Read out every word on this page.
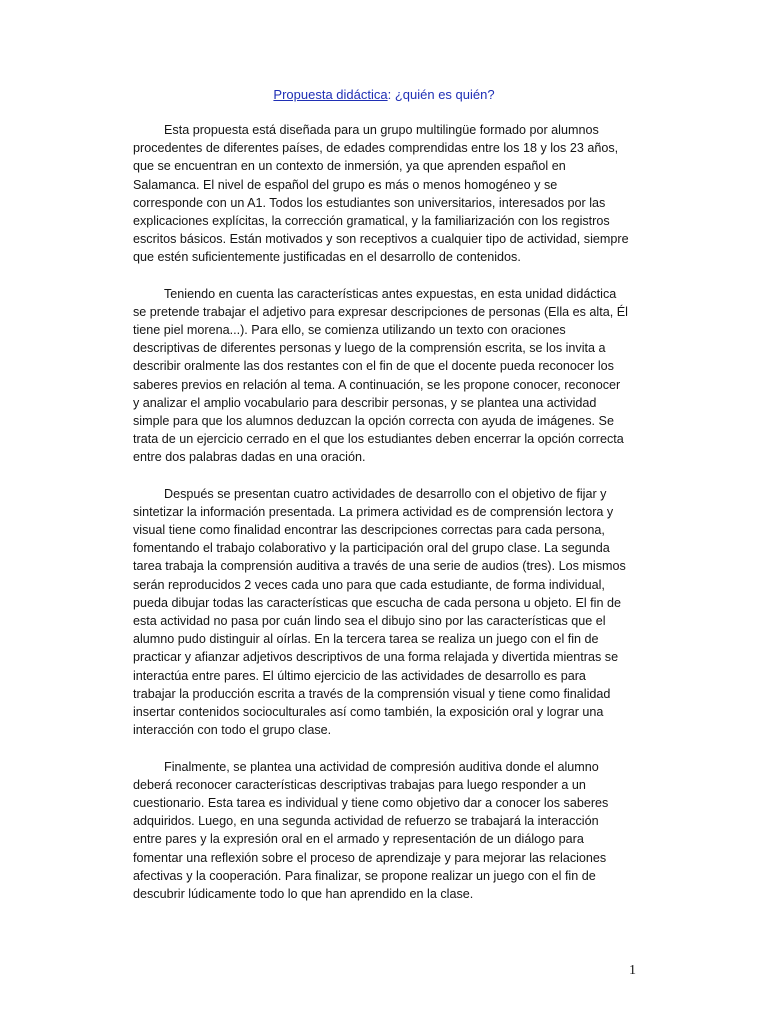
Propuesta didáctica: ¿quién es quién?

Esta propuesta está diseñada para un grupo multilingüe formado por alumnos procedentes de diferentes países, de edades comprendidas entre los 18 y los 23 años, que se encuentran en un contexto de inmersión, ya que aprenden español en Salamanca. El nivel de español del grupo es más o menos homogéneo y se corresponde con un A1. Todos los estudiantes son universitarios, interesados por las explicaciones explícitas, la corrección gramatical, y la familiarización con los registros escritos básicos. Están motivados y son receptivos a cualquier tipo de actividad, siempre que estén suficientemente justificadas en el desarrollo de contenidos.

Teniendo en cuenta las características antes expuestas, en esta unidad didáctica se pretende trabajar el adjetivo para expresar descripciones de personas (Ella es alta, Él tiene piel morena...). Para ello, se comienza utilizando un texto con oraciones descriptivas de diferentes personas y luego de la comprensión escrita, se los invita a describir oralmente las dos restantes con el fin de que el docente pueda reconocer los saberes previos en relación al tema. A continuación, se les propone conocer, reconocer y analizar el amplio vocabulario para describir personas, y se plantea una actividad simple para que los alumnos deduzcan la opción correcta con ayuda de imágenes. Se trata de un ejercicio cerrado en el que los estudiantes deben encerrar la opción correcta entre dos palabras dadas en una oración.

Después se presentan cuatro actividades de desarrollo con el objetivo de fijar y sintetizar la información presentada. La primera actividad es de comprensión lectora y visual tiene como finalidad encontrar las descripciones correctas para cada persona, fomentando el trabajo colaborativo y la participación oral del grupo clase. La segunda tarea trabaja la comprensión auditiva a través de una serie de audios (tres). Los mismos serán reproducidos 2 veces cada uno para que cada estudiante, de forma individual, pueda dibujar todas las características que escucha de cada persona u objeto. El fin de esta actividad no pasa por cuán lindo sea el dibujo sino por las características que el alumno pudo distinguir al oírlas. En la tercera tarea se realiza un juego con el fin de practicar y afianzar adjetivos descriptivos de una forma relajada y divertida mientras se interactúa entre pares. El último ejercicio de las actividades de desarrollo es para trabajar la producción escrita a través de la comprensión visual y tiene como finalidad insertar contenidos socioculturales así como también, la exposición oral y lograr una interacción con todo el grupo clase.

Finalmente, se plantea una actividad de compresión auditiva donde el alumno deberá reconocer características descriptivas trabajas para luego responder a un cuestionario. Esta tarea es individual y tiene como objetivo dar a conocer los saberes adquiridos. Luego, en una segunda actividad de refuerzo se trabajará la interacción entre pares y la expresión oral en el armado y representación de un diálogo para fomentar una reflexión sobre el proceso de aprendizaje y para mejorar las relaciones afectivas y la cooperación. Para finalizar, se propone realizar un juego con el fin de descubrir lúdicamente todo lo que han aprendido en la clase.

1
